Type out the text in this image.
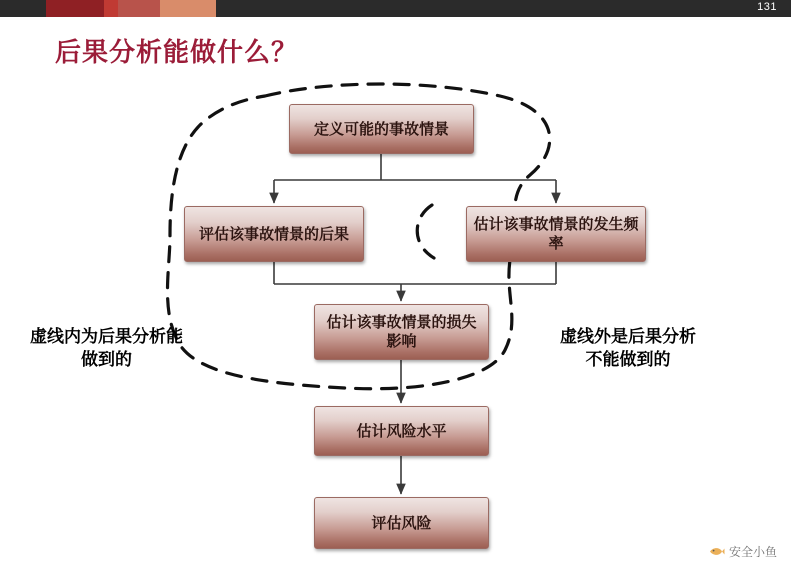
131
后果分析能做什么？
定义可能的事故情景
评估该事故情景的后果
估计该事故情景的发生频率
估计该事故情景的损失影响
估计风险水平
评估风险
虚线内为后果分析能做到的
虚线外是后果分析不能做到的
安全小鱼
